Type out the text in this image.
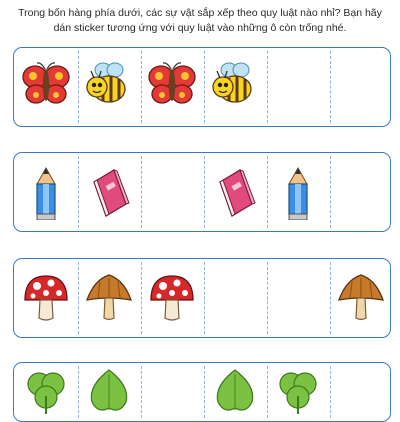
Trong bốn hàng phía dưới, các sự vật sắp xếp theo quy luật nào nhỉ? Bạn hãy
dán sticker tương ứng với quy luật vào những ô còn trống nhé.
